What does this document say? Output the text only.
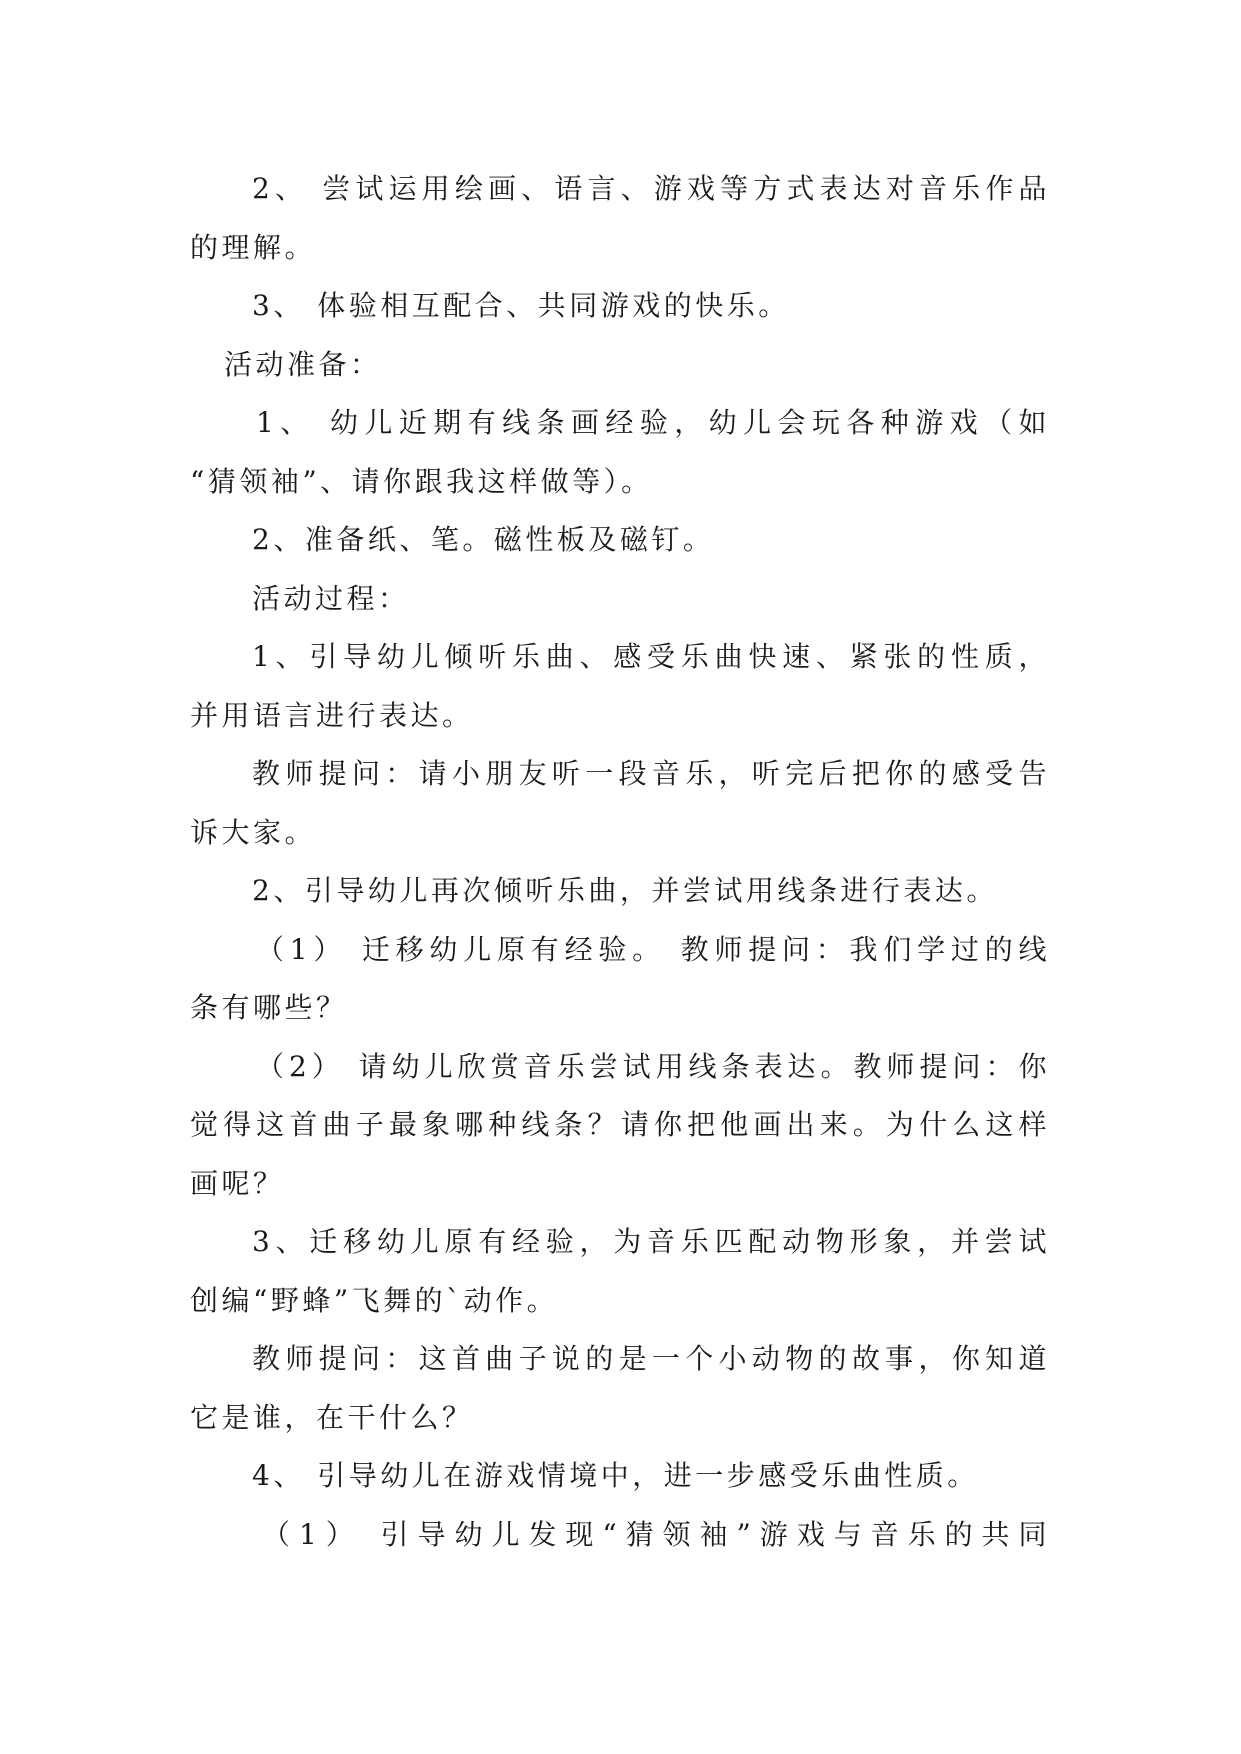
2、 尝试运用绘画、语言、游戏等方式表达对音乐作品
的理解。
3、 体验相互配合、共同游戏的快乐。
活动准备：
1、 幼儿近期有线条画经验，幼儿会玩各种游戏（如
“猜领袖”、请你跟我这样做等）。
2、准备纸、笔。磁性板及磁钉。
活动过程：
1、引导幼儿倾听乐曲、感受乐曲快速、紧张的性质，
并用语言进行表达。
教师提问：请小朋友听一段音乐，听完后把你的感受告
诉大家。
2、引导幼儿再次倾听乐曲，并尝试用线条进行表达。
（1） 迁移幼儿原有经验。 教师提问：我们学过的线
条有哪些？
（2） 请幼儿欣赏音乐尝试用线条表达。教师提问：你
觉得这首曲子最象哪种线条？请你把他画出来。为什么这样
画呢？
3、迁移幼儿原有经验，为音乐匹配动物形象，并尝试
创编“野蜂”飞舞的`动作。
教师提问：这首曲子说的是一个小动物的故事，你知道
它是谁，在干什么？
4、 引导幼儿在游戏情境中，进一步感受乐曲性质。
（1） 引导幼儿发现“猜领袖”游戏与音乐的共同
